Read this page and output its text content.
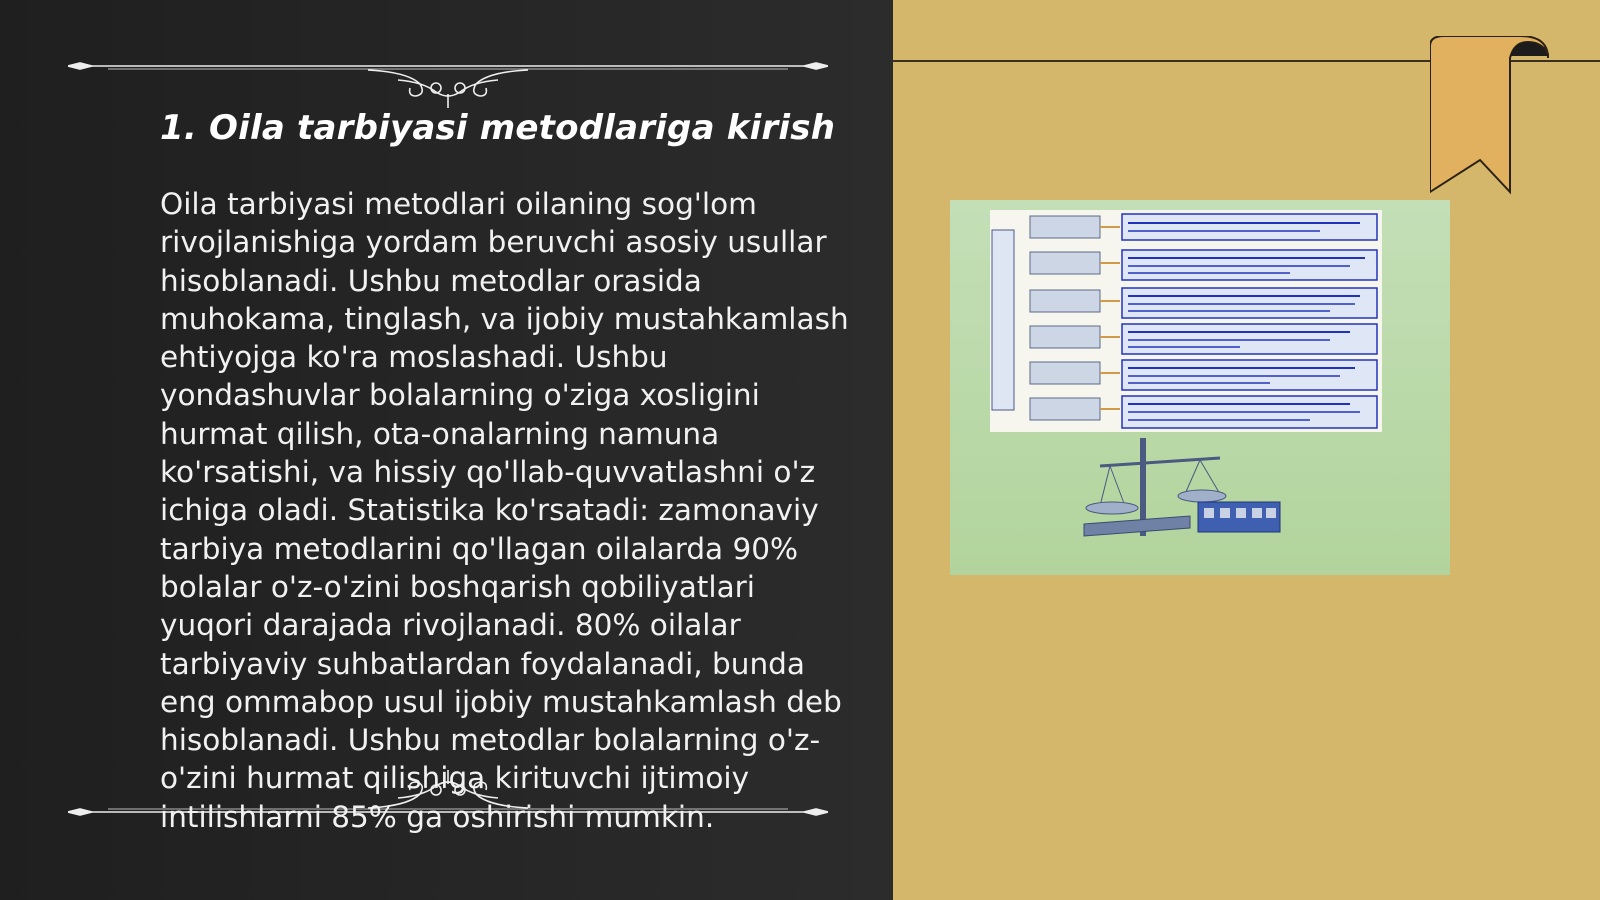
1. Oila tarbiyasi metodlariga kirish

Oila tarbiyasi metodlari oilaning sog'lom rivojlanishiga yordam beruvchi asosiy usullar hisoblanadi. Ushbu metodlar orasida muhokama, tinglash, va ijobiy mustahkamlash ehtiyojga ko'ra moslashadi. Ushbu yondashuvlar bolalarning o'ziga xosligini hurmat qilish, ota-onalarning namuna ko'rsatishi, va hissiy qo'llab-quvvatlashni o'z ichiga oladi. Statistika ko'rsatadi: zamonaviy tarbiya metodlarini qo'llagan oilalarda 90% bolalar o'z-o'zini boshqarish qobiliyatlari yuqori darajada rivojlanadi. 80% oilalar tarbiyaviy suhbatlardan foydalanadi, bunda eng ommabop usul ijobiy mustahkamlash deb hisoblanadi. Ushbu metodlar bolalarning o'z-o'zini hurmat qilishiga kirituvchi ijtimoiy intilishlarni 85% ga oshirishi mumkin.
